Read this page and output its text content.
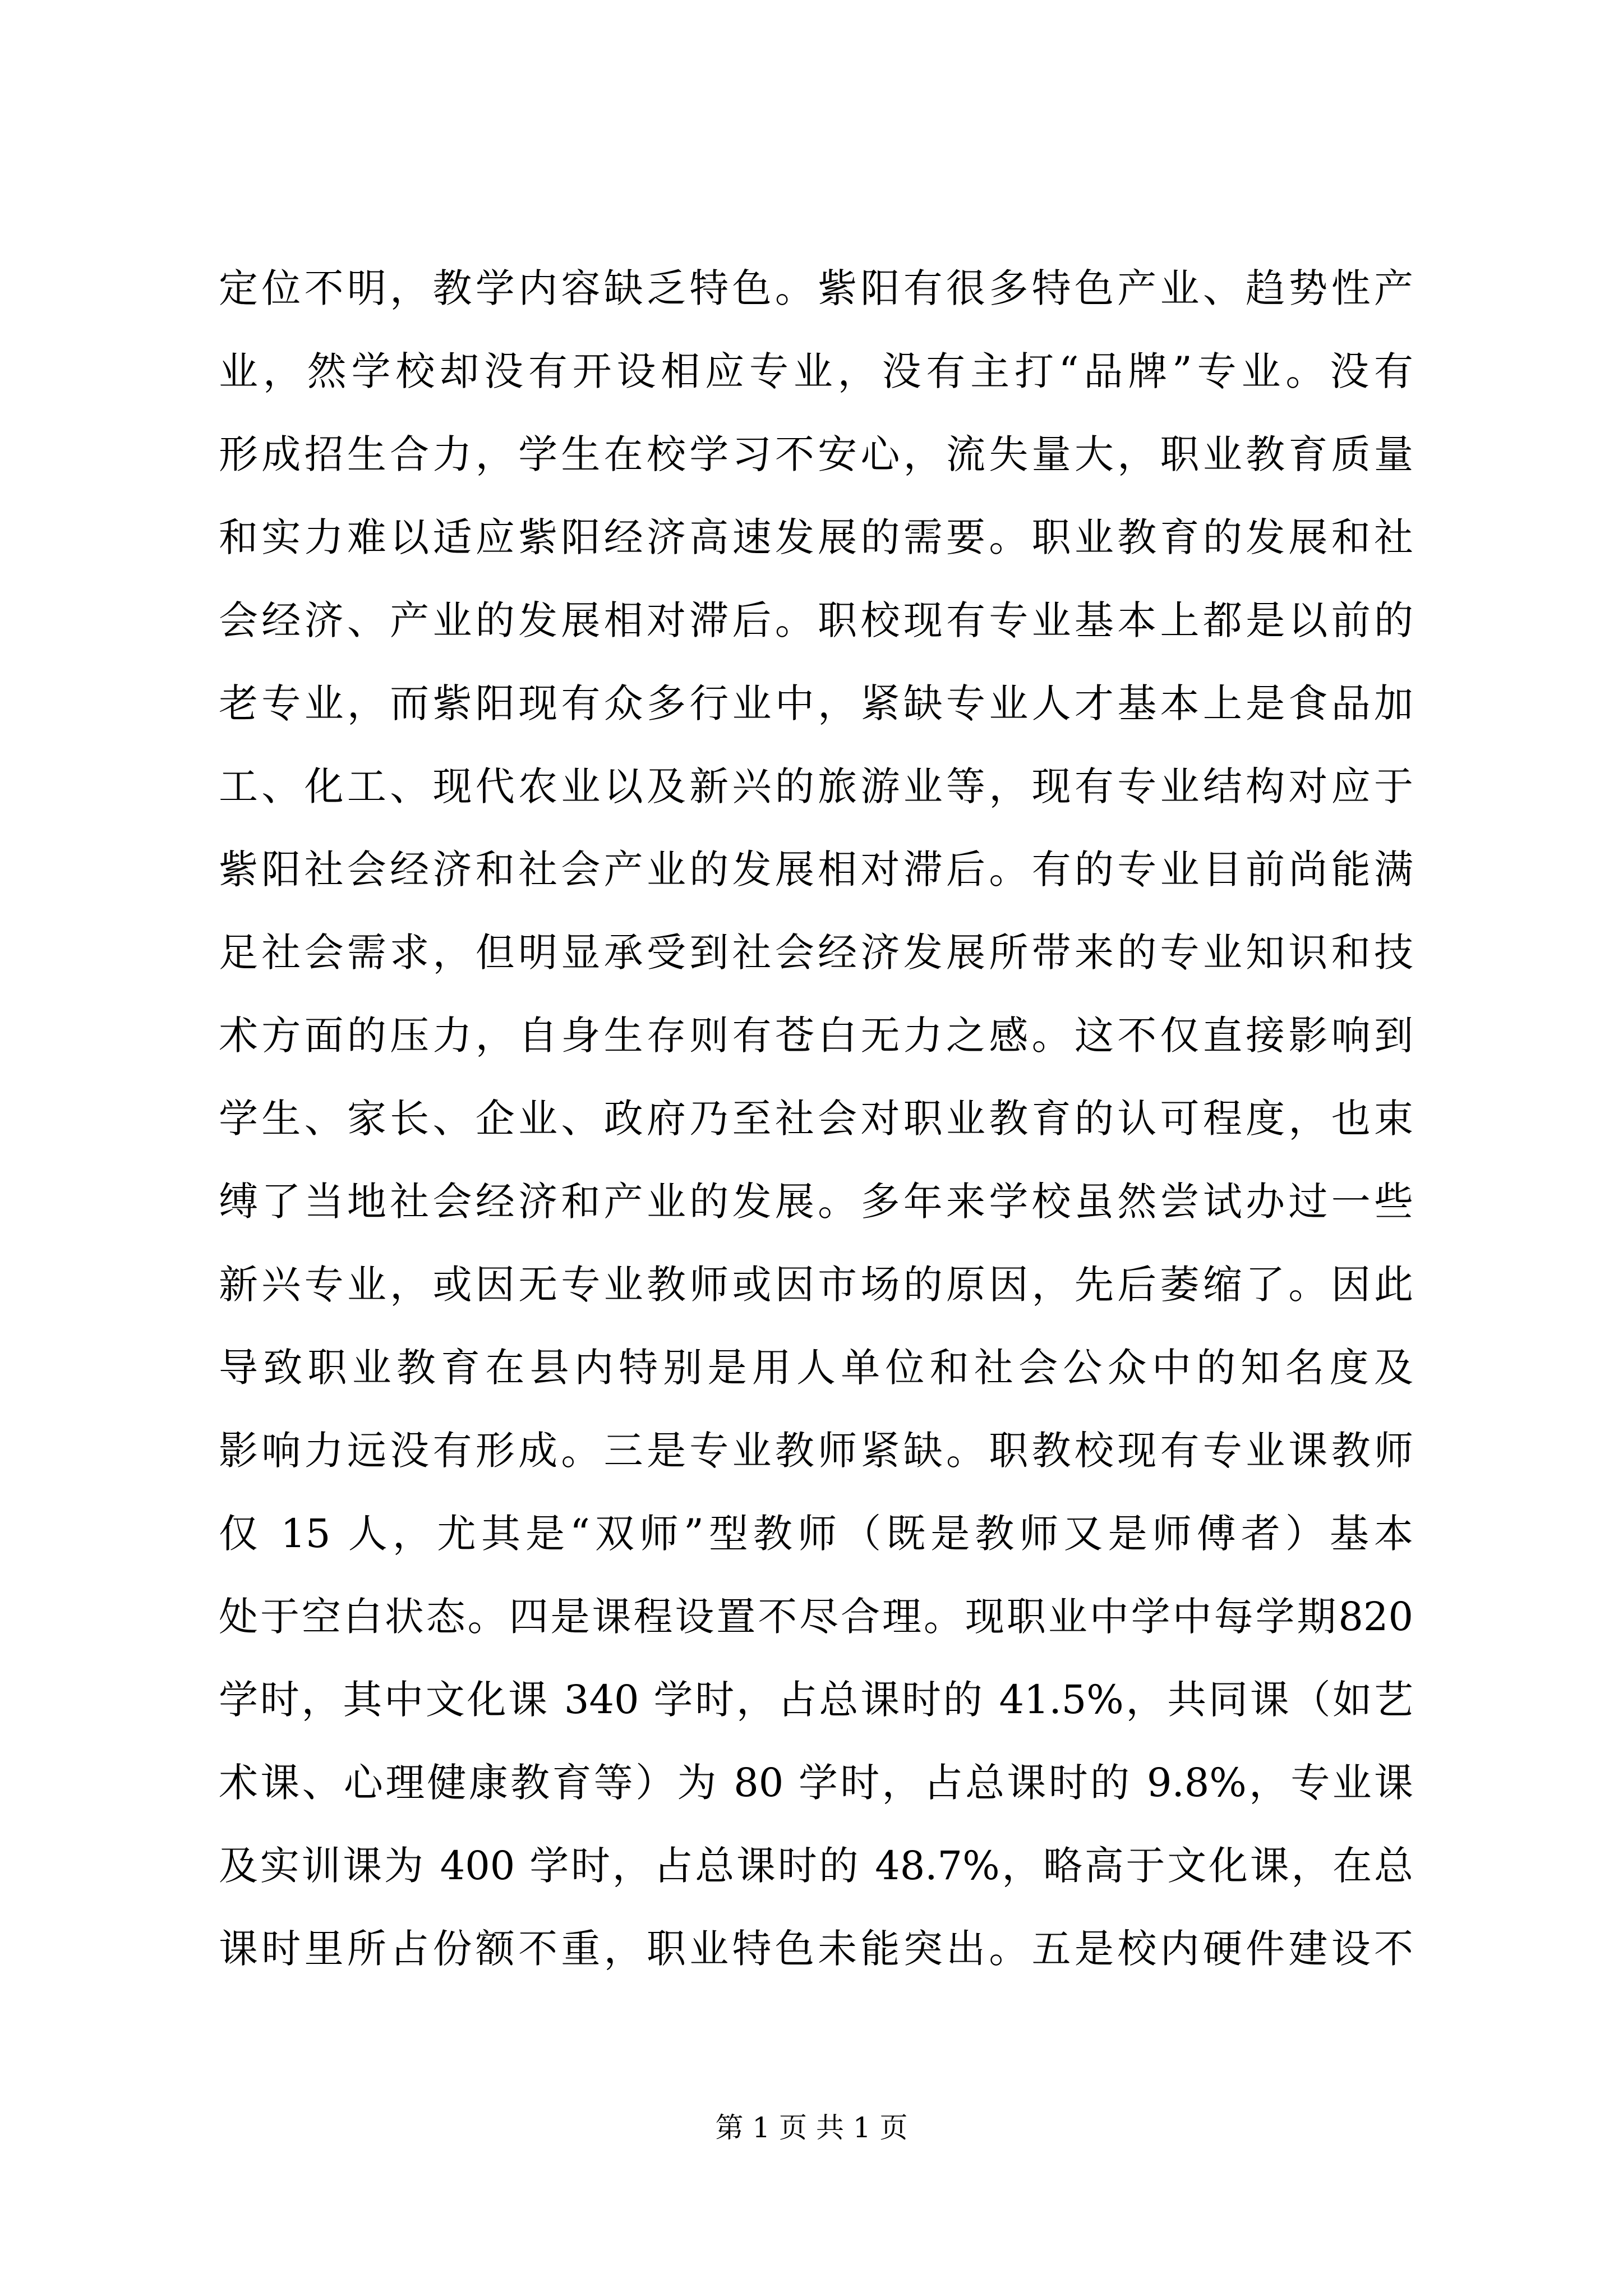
定位不明，教学内容缺乏特色。紫阳有很多特色产业、趋势性产
业，然学校却没有开设相应专业，没有主打“品牌”专业。没有
形成招生合力，学生在校学习不安心，流失量大，职业教育质量
和实力难以适应紫阳经济高速发展的需要。职业教育的发展和社
会经济、产业的发展相对滞后。职校现有专业基本上都是以前的
老专业，而紫阳现有众多行业中，紧缺专业人才基本上是食品加
工、化工、现代农业以及新兴的旅游业等，现有专业结构对应于
紫阳社会经济和社会产业的发展相对滞后。有的专业目前尚能满
足社会需求，但明显承受到社会经济发展所带来的专业知识和技
术方面的压力，自身生存则有苍白无力之感。这不仅直接影响到
学生、家长、企业、政府乃至社会对职业教育的认可程度，也束
缚了当地社会经济和产业的发展。多年来学校虽然尝试办过一些
新兴专业，或因无专业教师或因市场的原因，先后萎缩了。因此
导致职业教育在县内特别是用人单位和社会公众中的知名度及
影响力远没有形成。三是专业教师紧缺。职教校现有专业课教师
仅 15 人，尤其是“双师”型教师（既是教师又是师傅者）基本
处于空白状态。四是课程设置不尽合理。现职业中学中每学期820
学时，其中文化课 340 学时，占总课时的 41.5%，共同课（如艺
术课、心理健康教育等）为 80 学时，占总课时的 9.8%，专业课
及实训课为 400 学时，占总课时的 48.7%，略高于文化课，在总
课时里所占份额不重，职业特色未能突出。五是校内硬件建设不
第 1 页 共 1 页
